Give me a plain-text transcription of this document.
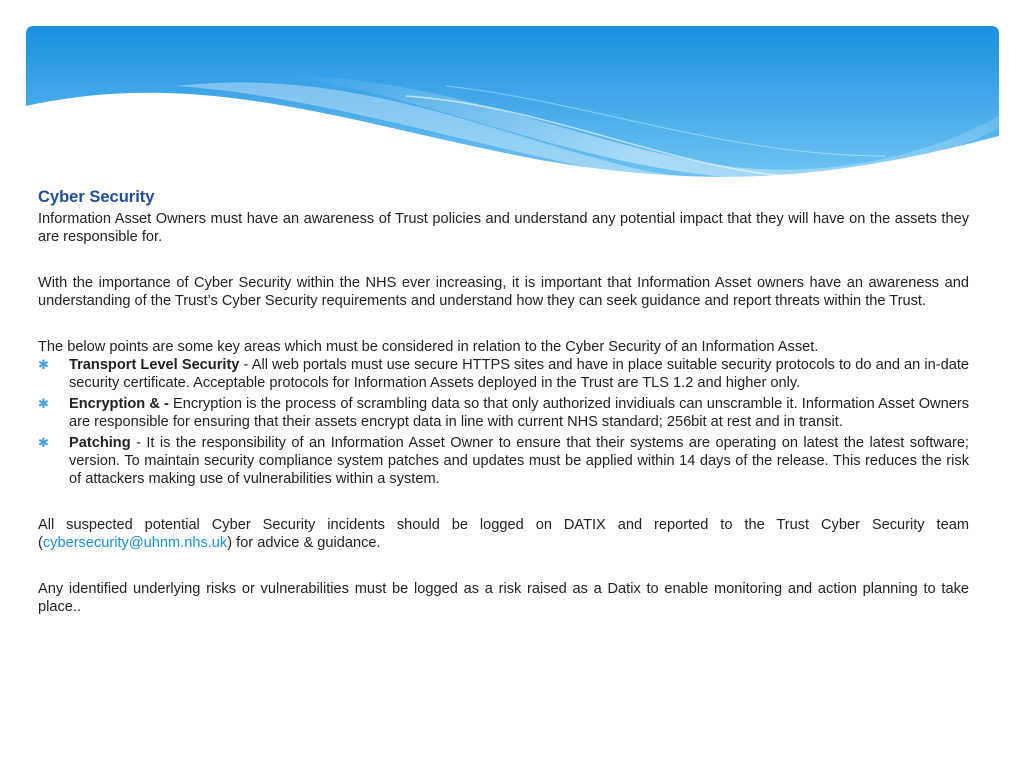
Cyber Security

Information Asset Owners must have an awareness of Trust policies and understand any potential impact that they will have on the assets they are responsible for.

With the importance of Cyber Security within the NHS ever increasing, it is important that Information Asset owners have an awareness and understanding of the Trust’s Cyber Security requirements and understand how they can seek guidance and report threats within the Trust.

The below points are some key areas which must be considered in relation to the Cyber Security of an Information Asset.

✱ Transport Level Security - All web portals must use secure HTTPS sites and have in place suitable security protocols to do and an in-date security certificate. Acceptable protocols for Information Assets deployed in the Trust are TLS 1.2 and higher only.
✱ Encryption & - Encryption is the process of scrambling data so that only authorized invidiuals can unscramble it. Information Asset Owners are responsible for ensuring that their assets encrypt data in line with current NHS standard; 256bit at rest and in transit.
✱ Patching - It is the responsibility of an Information Asset Owner to ensure that their systems are operating on latest the latest software; version. To maintain security compliance system patches and updates must be applied within 14 days of the release. This reduces the risk of attackers making use of vulnerabilities within a system.

All suspected potential Cyber Security incidents should be logged on DATIX and reported to the Trust Cyber Security team (cybersecurity@uhnm.nhs.uk) for advice & guidance.

Any identified underlying risks or vulnerabilities must be logged as a risk raised as a Datix to enable monitoring and action planning to take place..
